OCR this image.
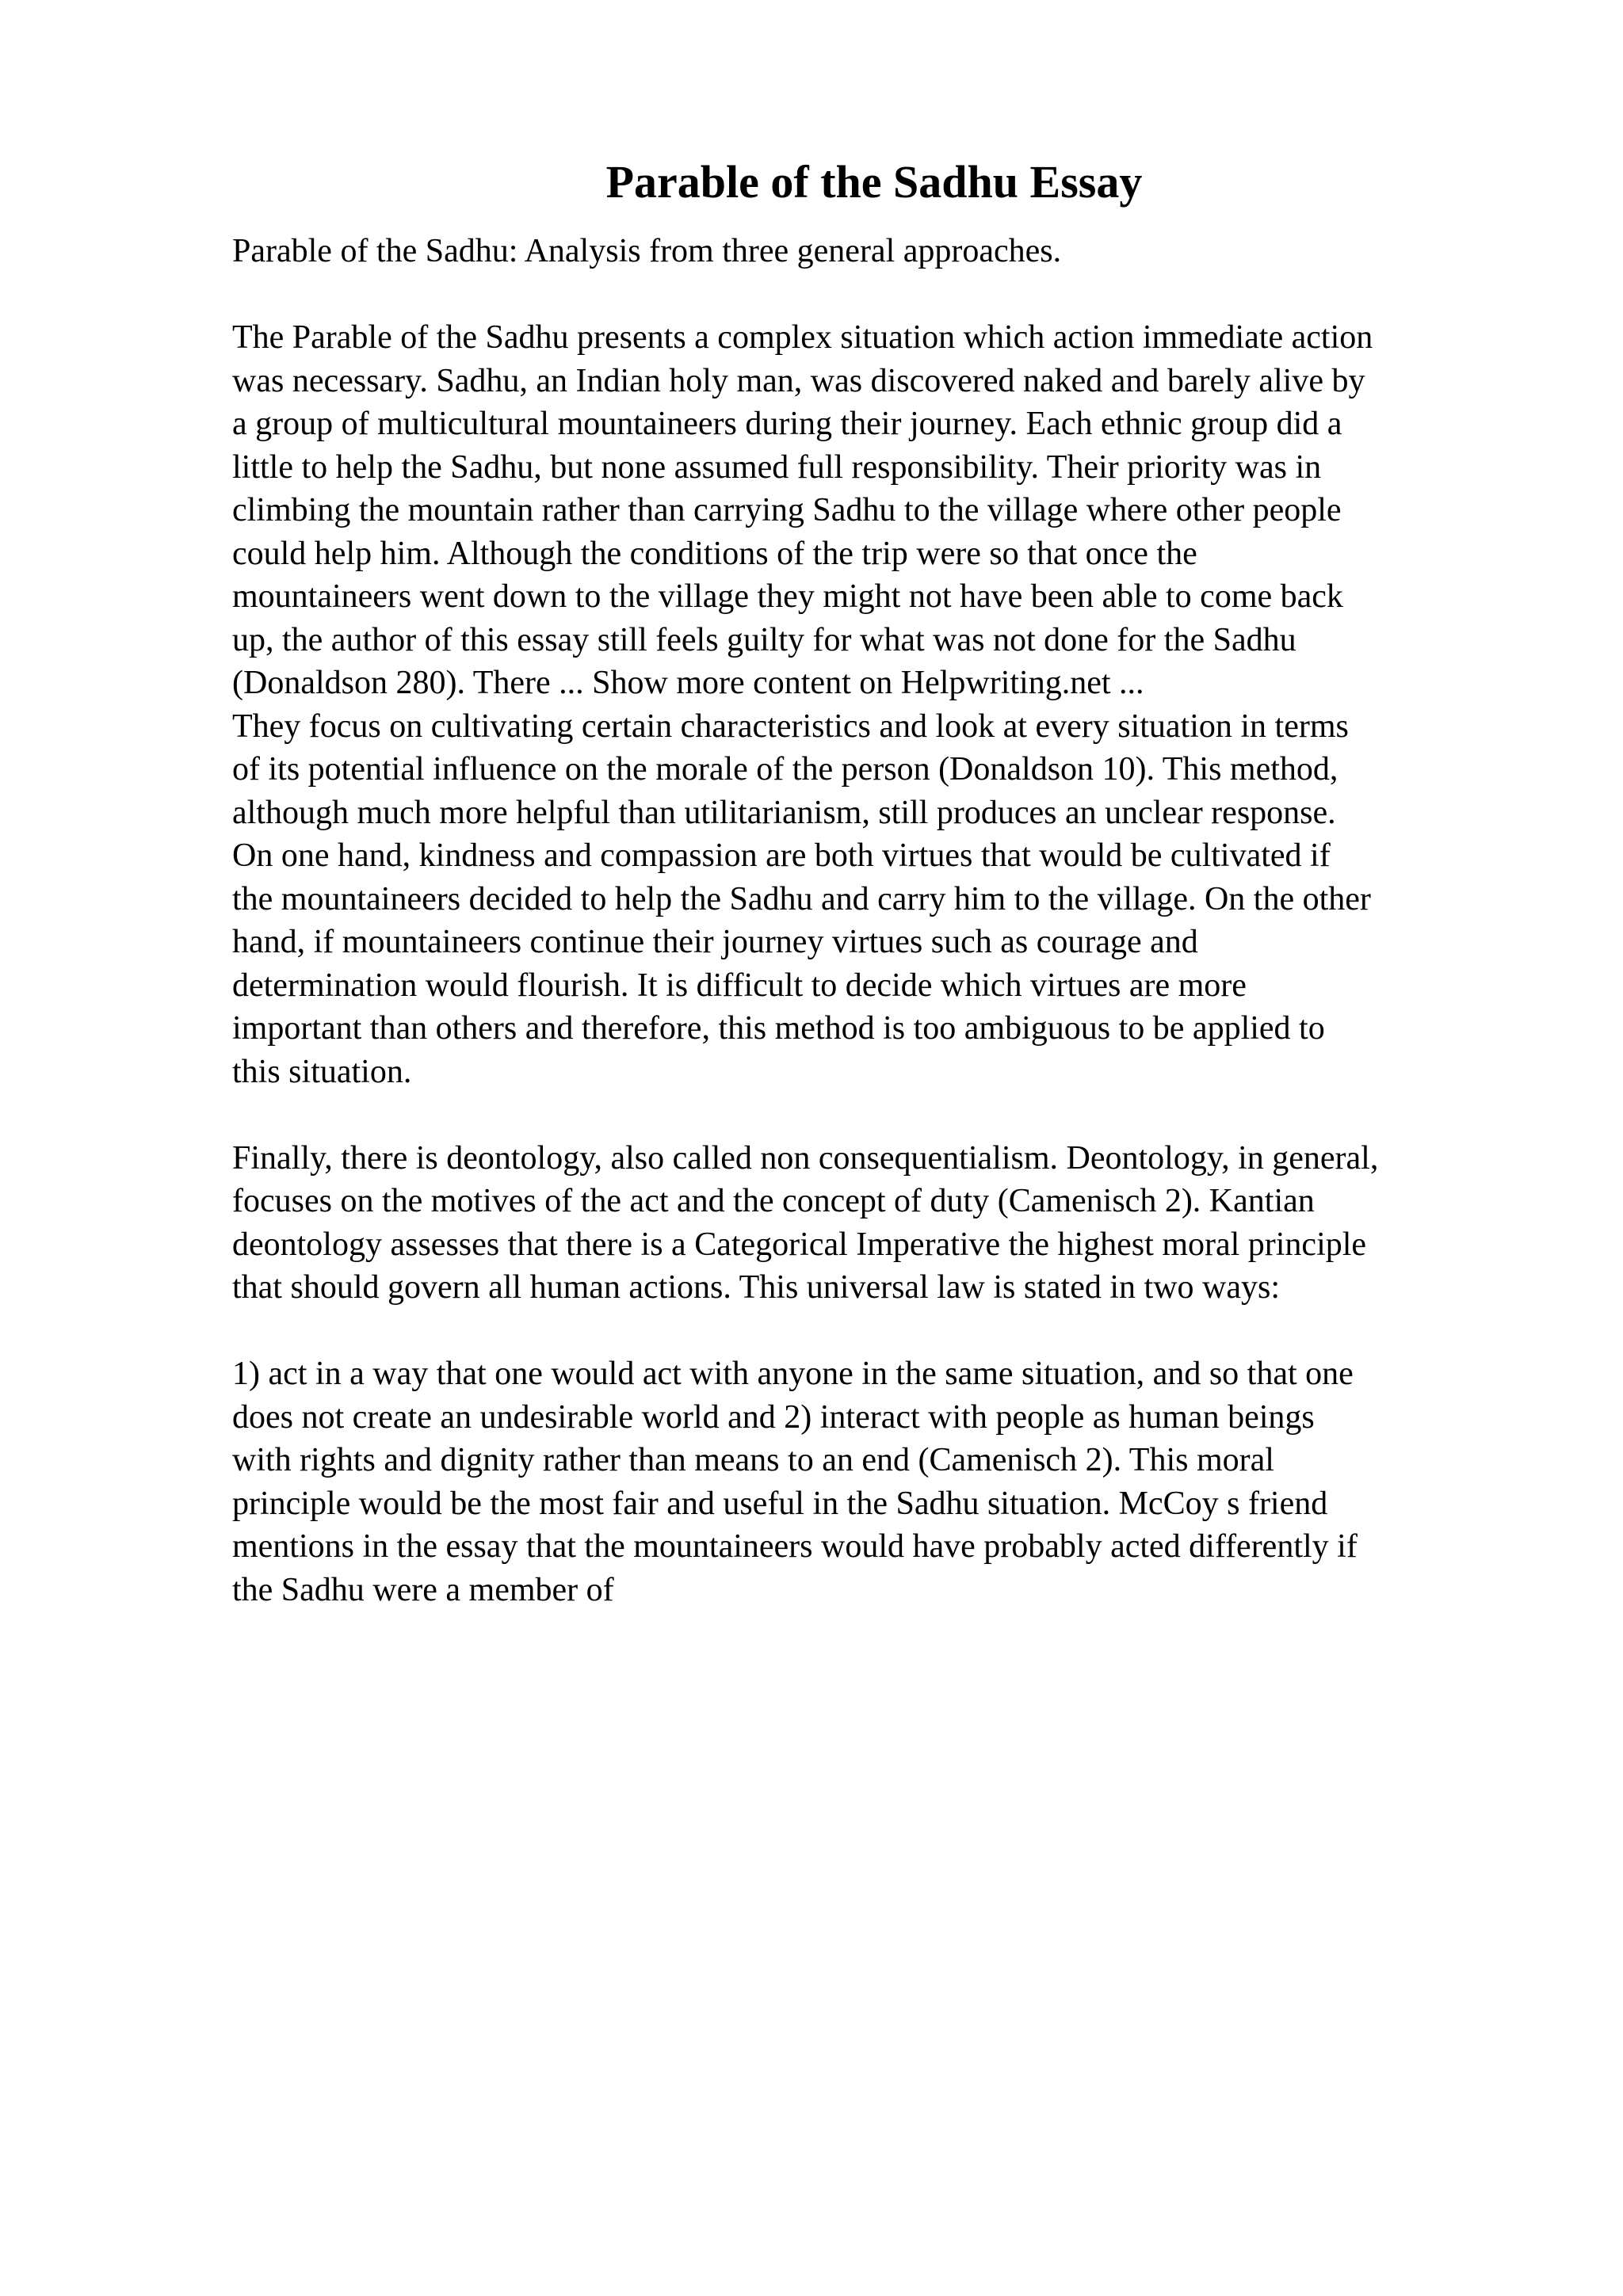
Parable of the Sadhu Essay

Parable of the Sadhu: Analysis from three general approaches.

The Parable of the Sadhu presents a complex situation which action immediate action
was necessary. Sadhu, an Indian holy man, was discovered naked and barely alive by
a group of multicultural mountaineers during their journey. Each ethnic group did a
little to help the Sadhu, but none assumed full responsibility. Their priority was in
climbing the mountain rather than carrying Sadhu to the village where other people
could help him. Although the conditions of the trip were so that once the
mountaineers went down to the village they might not have been able to come back
up, the author of this essay still feels guilty for what was not done for the Sadhu
(Donaldson 280). There ... Show more content on Helpwriting.net ...
They focus on cultivating certain characteristics and look at every situation in terms
of its potential influence on the morale of the person (Donaldson 10). This method,
although much more helpful than utilitarianism, still produces an unclear response.
On one hand, kindness and compassion are both virtues that would be cultivated if
the mountaineers decided to help the Sadhu and carry him to the village. On the other
hand, if mountaineers continue their journey virtues such as courage and
determination would flourish. It is difficult to decide which virtues are more
important than others and therefore, this method is too ambiguous to be applied to
this situation.

Finally, there is deontology, also called non consequentialism. Deontology, in general,
focuses on the motives of the act and the concept of duty (Camenisch 2). Kantian
deontology assesses that there is a Categorical Imperative the highest moral principle
that should govern all human actions. This universal law is stated in two ways:

1) act in a way that one would act with anyone in the same situation, and so that one
does not create an undesirable world and 2) interact with people as human beings
with rights and dignity rather than means to an end (Camenisch 2). This moral
principle would be the most fair and useful in the Sadhu situation. McCoy s friend
mentions in the essay that the mountaineers would have probably acted differently if
the Sadhu were a member of
